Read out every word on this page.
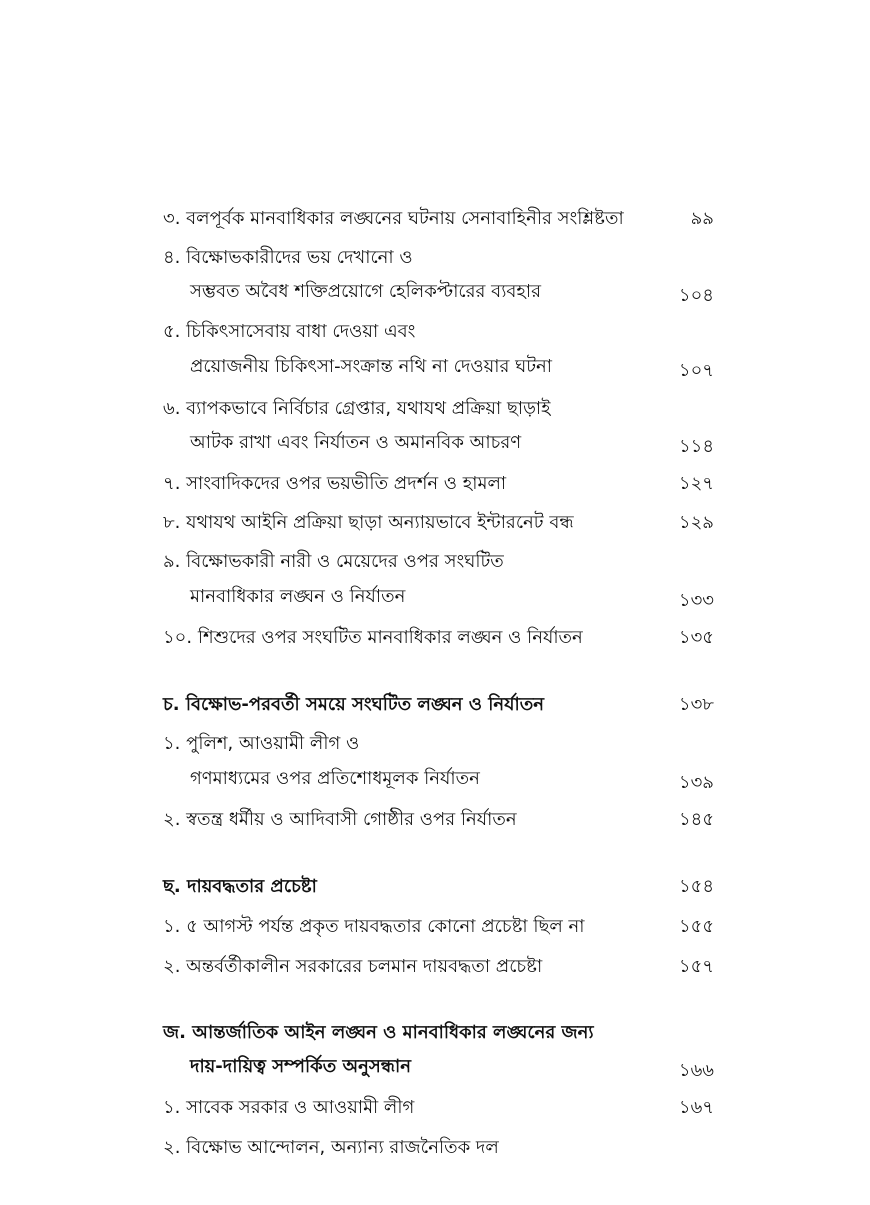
৩. বলপূর্বক মানবাধিকার লঙ্ঘনের ঘটনায় সেনাবাহিনীর সংশ্লিষ্টতা	৯৯
৪. বিক্ষোভকারীদের ভয় দেখানো ও
সম্ভবত অবৈধ শক্তিপ্রয়োগে হেলিকপ্টারের ব্যবহার	১০৪
৫. চিকিৎসাসেবায় বাধা দেওয়া এবং
প্রয়োজনীয় চিকিৎসা-সংক্রান্ত নথি না দেওয়ার ঘটনা	১০৭
৬. ব্যাপকভাবে নির্বিচার গ্রেপ্তার, যথাযথ প্রক্রিয়া ছাড়াই
আটক রাখা এবং নির্যাতন ও অমানবিক আচরণ	১১৪
৭. সাংবাদিকদের ওপর ভয়ভীতি প্রদর্শন ও হামলা	১২৭
৮. যথাযথ আইনি প্রক্রিয়া ছাড়া অন্যায়ভাবে ইন্টারনেট বন্ধ	১২৯
৯. বিক্ষোভকারী নারী ও মেয়েদের ওপর সংঘটিত
মানবাধিকার লঙ্ঘন ও নির্যাতন	১৩৩
১০. শিশুদের ওপর সংঘটিত মানবাধিকার লঙ্ঘন ও নির্যাতন	১৩৫
চ. বিক্ষোভ-পরবর্তী সময়ে সংঘটিত লঙ্ঘন ও নির্যাতন	১৩৮
১. পুলিশ, আওয়ামী লীগ ও
গণমাধ্যমের ওপর প্রতিশোধমূলক নির্যাতন	১৩৯
২. স্বতন্ত্র ধর্মীয় ও আদিবাসী গোষ্ঠীর ওপর নির্যাতন	১৪৫
ছ. দায়বদ্ধতার প্রচেষ্টা	১৫৪
১. ৫ আগস্ট পর্যন্ত প্রকৃত দায়বদ্ধতার কোনো প্রচেষ্টা ছিল না	১৫৫
২. অন্তর্বর্তীকালীন সরকারের চলমান দায়বদ্ধতা প্রচেষ্টা	১৫৭
জ. আন্তর্জাতিক আইন লঙ্ঘন ও মানবাধিকার লঙ্ঘনের জন্য
দায়-দায়িত্ব সম্পর্কিত অনুসন্ধান	১৬৬
১. সাবেক সরকার ও আওয়ামী লীগ	১৬৭
২. বিক্ষোভ আন্দোলন, অন্যান্য রাজনৈতিক দল
